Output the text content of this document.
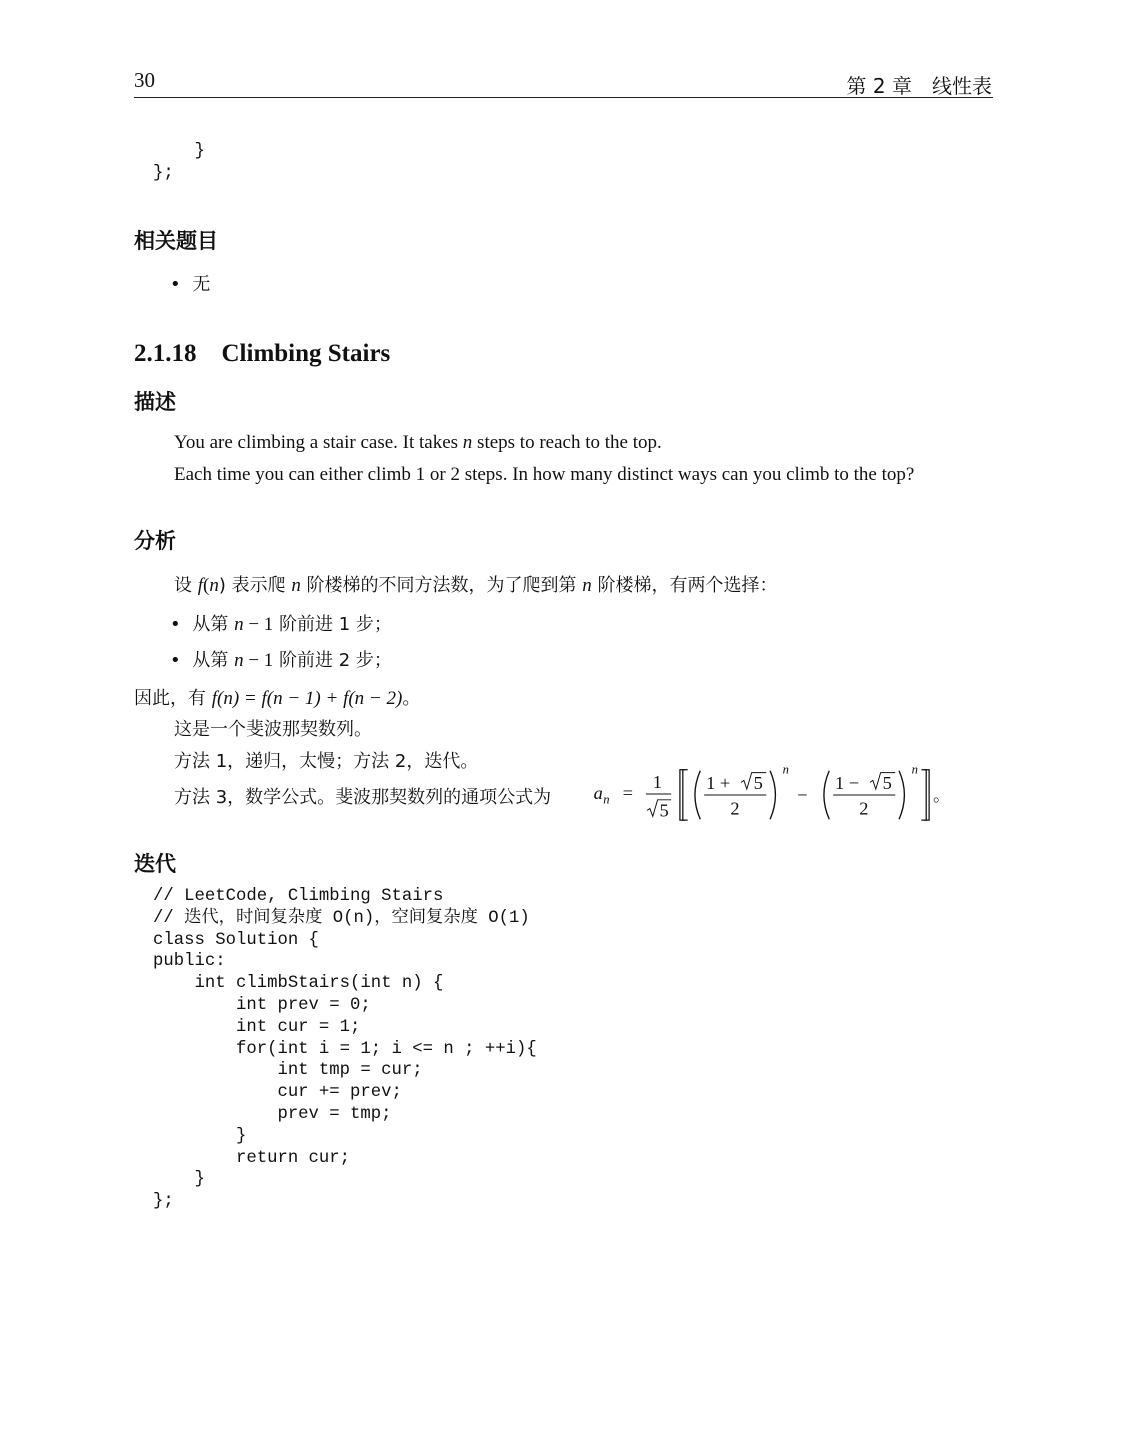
30	第 2 章　线性表
}
};
相关题目
• 无
2.1.18　Climbing Stairs
描述
You are climbing a stair case. It takes n steps to reach to the top.
Each time you can either climb 1 or 2 steps. In how many distinct ways can you climb to the top?
分析
设 f(n) 表示爬 n 阶楼梯的不同方法数，为了爬到第 n 阶楼梯，有两个选择：
• 从第 n − 1 阶前进 1 步；
• 从第 n − 1 阶前进 2 步；
因此，有 f(n) = f(n − 1) + f(n − 2)。
这是一个斐波那契数列。
方法 1，递归，太慢；方法 2，迭代。
方法 3，数学公式。斐波那契数列的通项公式为 a n =
1
5
1 + 5
2
n
−
1 − 5
2
n
。
迭代
// LeetCode, Climbing Stairs
// 迭代，时间复杂度 O(n)，空间复杂度 O(1)
class Solution {
public:
int climbStairs(int n) {
int prev = 0;
int cur = 1;
for(int i = 1; i <= n ; ++i){
int tmp = cur;
cur += prev;
prev = tmp;
}
return cur;
}
};
